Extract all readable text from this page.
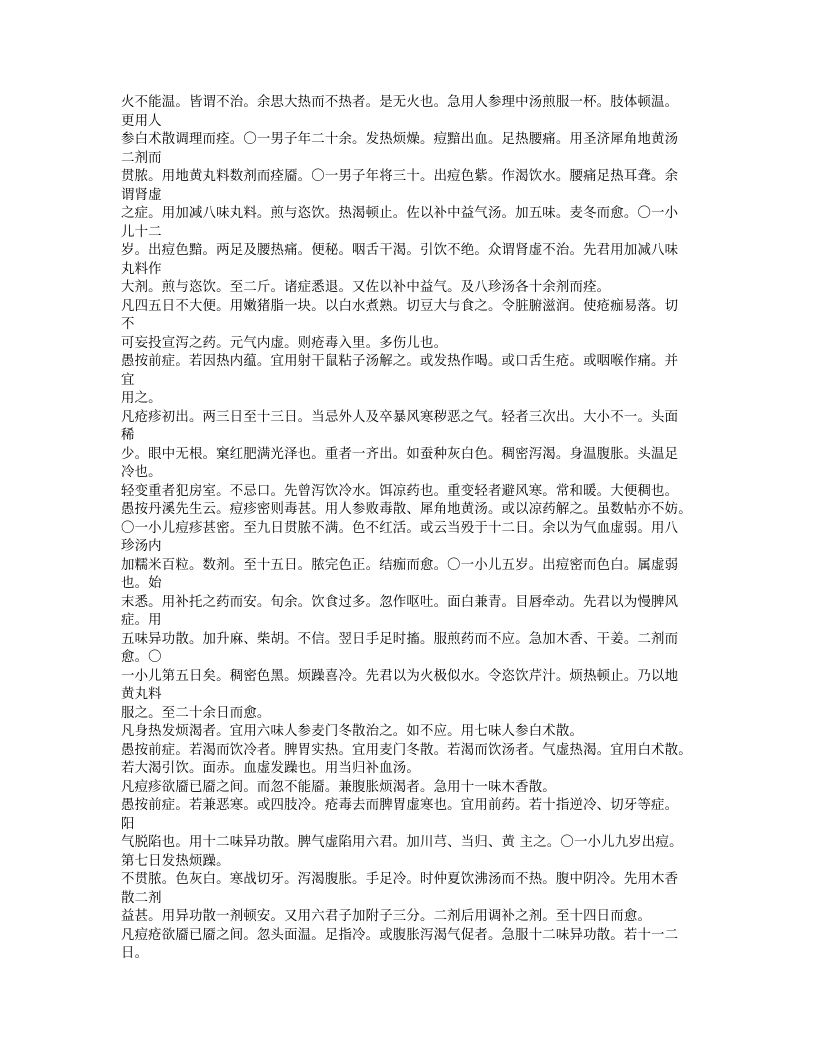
火不能温。皆谓不治。余思大热而不热者。是无火也。急用人参理中汤煎服一杯。肢体顿温。
更用人
参白术散调理而痊。〇一男子年二十余。发热烦燥。痘黯出血。足热腰痛。用圣济犀角地黄汤
二剂而
贯脓。用地黄丸料数剂而痊靥。〇一男子年将三十。出痘色紫。作渴饮水。腰痛足热耳聋。余
谓肾虚
之症。用加减八味丸料。煎与恣饮。热渴顿止。佐以补中益气汤。加五味。麦冬而愈。〇一小
儿十二
岁。出痘色黯。两足及腰热痛。便秘。咽舌干渴。引饮不绝。众谓肾虚不治。先君用加减八味
丸料作
大剂。煎与恣饮。至二斤。诸症悉退。又佐以补中益气。及八珍汤各十余剂而痊。
凡四五日不大便。用嫩猪脂一块。以白水煮熟。切豆大与食之。令脏腑滋润。使疮痂易落。切
不
可妄投宣泻之药。元气内虚。则疮毒入里。多伤儿也。
愚按前症。若因热内蕴。宜用射干鼠粘子汤解之。或发热作喝。或口舌生疮。或咽喉作痛。并
宜
用之。
凡疮疹初出。两三日至十三日。当忌外人及卒暴风寒秽恶之气。轻者三次出。大小不一。头面
稀
少。眼中无根。窠红肥满光泽也。重者一齐出。如蚕种灰白色。稠密泻渴。身温腹胀。头温足
冷也。
轻变重者犯房室。不忌口。先曾泻饮冷水。饵凉药也。重变轻者避风寒。常和暖。大便稠也。
愚按丹溪先生云。痘疹密则毒甚。用人参败毒散、犀角地黄汤。或以凉药解之。虽数帖亦不妨。
〇一小儿痘疹甚密。至九日贯脓不满。色不红活。或云当殁于十二日。余以为气血虚弱。用八
珍汤内
加糯米百粒。数剂。至十五日。脓完色正。结痂而愈。〇一小儿五岁。出痘密而色白。属虚弱
也。始
末悉。用补托之药而安。旬余。饮食过多。忽作呕吐。面白兼青。目唇牵动。先君以为慢脾风
症。用
五味异功散。加升麻、柴胡。不信。翌日手足时搐。服煎药而不应。急加木香、干姜。二剂而
愈。〇
一小儿第五日矣。稠密色黑。烦躁喜冷。先君以为火极似水。令恣饮芹汁。烦热顿止。乃以地
黄丸料
服之。至二十余日而愈。
凡身热发烦渴者。宜用六味人参麦门冬散治之。如不应。用七味人参白术散。
愚按前症。若渴而饮冷者。脾胃实热。宜用麦门冬散。若渴而饮汤者。气虚热渴。宜用白术散。
若大渴引饮。面赤。血虚发躁也。用当归补血汤。
凡痘疹欲靥已靥之间。而忽不能靥。兼腹胀烦渴者。急用十一味木香散。
愚按前症。若兼恶寒。或四肢冷。疮毒去而脾胃虚寒也。宜用前药。若十指逆冷、切牙等症。
阳
气脱陷也。用十二味异功散。脾气虚陷用六君。加川芎、当归、黄 主之。〇一小儿九岁出痘。
第七日发热烦躁。
不贯脓。色灰白。寒战切牙。泻渴腹胀。手足冷。时仲夏饮沸汤而不热。腹中阴冷。先用木香
散二剂
益甚。用异功散一剂顿安。又用六君子加附子三分。二剂后用调补之剂。至十四日而愈。
凡痘疮欲靥已靥之间。忽头面温。足指冷。或腹胀泻渴气促者。急服十二味异功散。若十一二
日。
